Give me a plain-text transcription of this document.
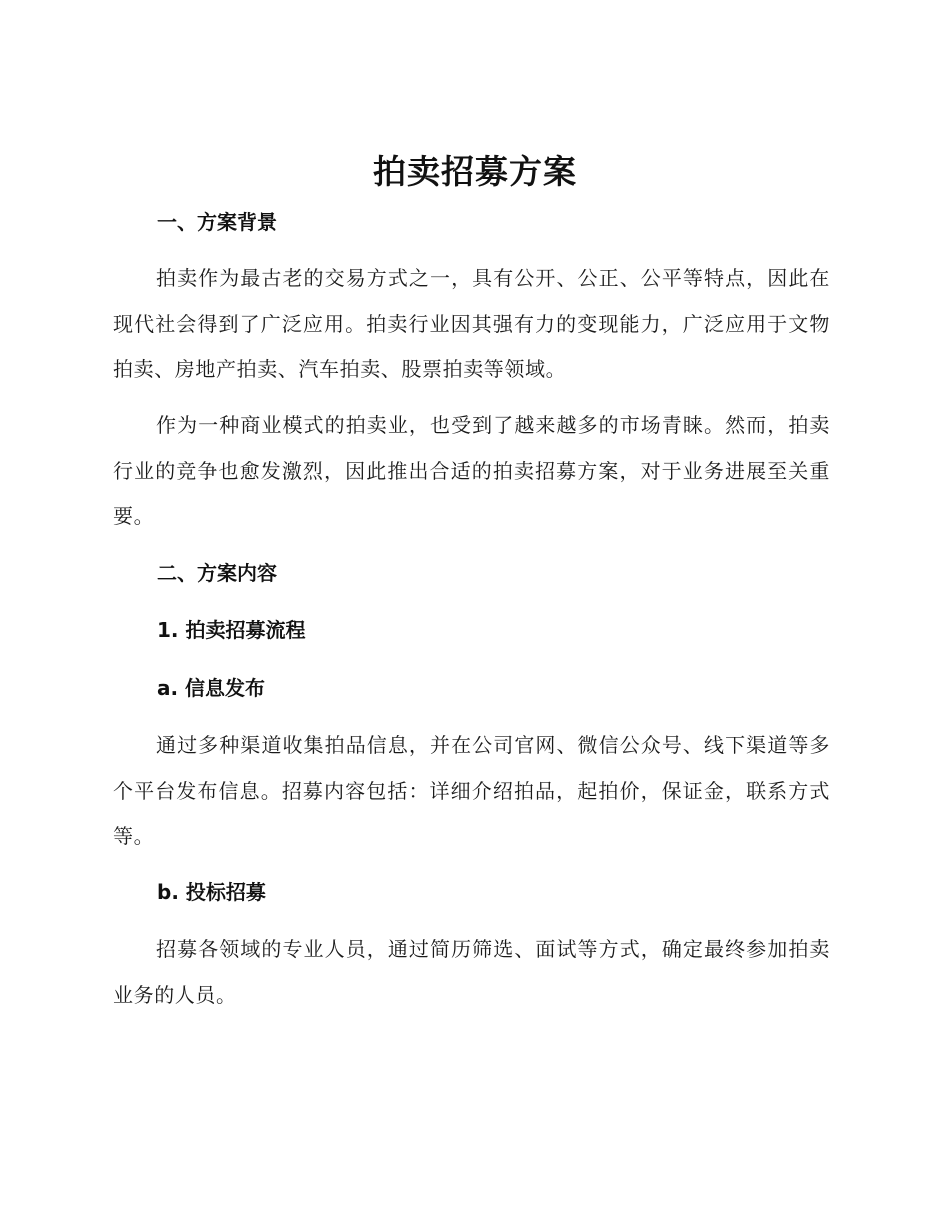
拍卖招募方案
一、方案背景
拍卖作为最古老的交易方式之一，具有公开、公正、公平等特点，因此在现代社会得到了广泛应用。拍卖行业因其强有力的变现能力，广泛应用于文物拍卖、房地产拍卖、汽车拍卖、股票拍卖等领域。
作为一种商业模式的拍卖业，也受到了越来越多的市场青睐。然而，拍卖行业的竞争也愈发激烈，因此推出合适的拍卖招募方案，对于业务进展至关重要。
二、方案内容
1. 拍卖招募流程
a. 信息发布
通过多种渠道收集拍品信息，并在公司官网、微信公众号、线下渠道等多个平台发布信息。招募内容包括：详细介绍拍品，起拍价，保证金，联系方式等。
b. 投标招募
招募各领域的专业人员，通过简历筛选、面试等方式，确定最终参加拍卖业务的人员。
